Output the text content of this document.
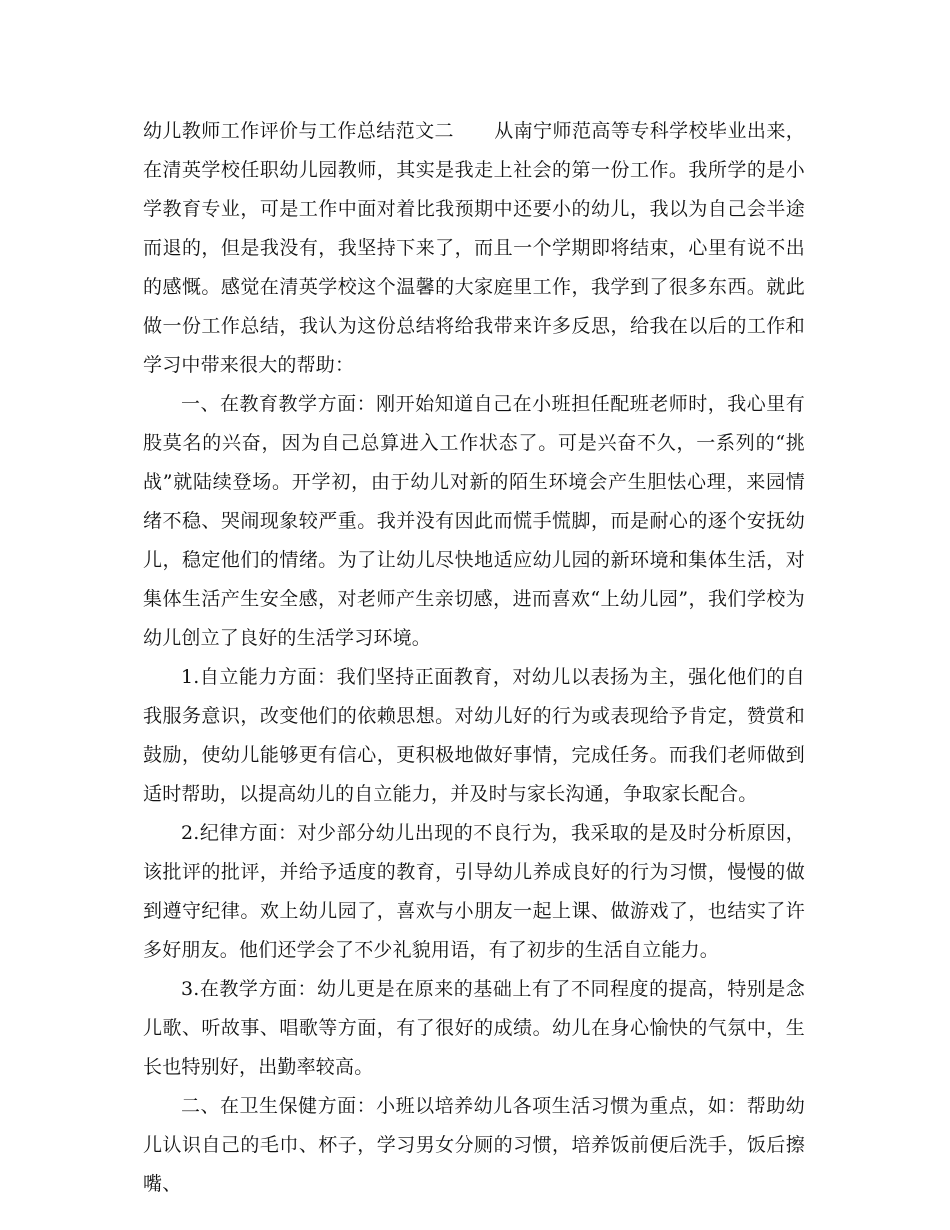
幼儿教师工作评价与工作总结范文二 从南宁师范高等专科学校毕业出来，在清英学校任职幼儿园教师，其实是我走上社会的第一份工作。我所学的是小学教育专业，可是工作中面对着比我预期中还要小的幼儿，我以为自己会半途而退的，但是我没有，我坚持下来了，而且一个学期即将结束，心里有说不出的感慨。感觉在清英学校这个温馨的大家庭里工作，我学到了很多东西。就此做一份工作总结，我认为这份总结将给我带来许多反思，给我在以后的工作和学习中带来很大的帮助：

一、在教育教学方面：刚开始知道自己在小班担任配班老师时，我心里有股莫名的兴奋，因为自己总算进入工作状态了。可是兴奋不久，一系列的“挑战”就陆续登场。开学初，由于幼儿对新的陌生环境会产生胆怯心理，来园情绪不稳、哭闹现象较严重。我并没有因此而慌手慌脚，而是耐心的逐个安抚幼儿，稳定他们的情绪。为了让幼儿尽快地适应幼儿园的新环境和集体生活，对集体生活产生安全感，对老师产生亲切感，进而喜欢“上幼儿园”，我们学校为幼儿创立了良好的生活学习环境。

1.自立能力方面：我们坚持正面教育，对幼儿以表扬为主，强化他们的自我服务意识，改变他们的依赖思想。对幼儿好的行为或表现给予肯定，赞赏和鼓励，使幼儿能够更有信心，更积极地做好事情，完成任务。而我们老师做到适时帮助，以提高幼儿的自立能力，并及时与家长沟通，争取家长配合。

2.纪律方面：对少部分幼儿出现的不良行为，我采取的是及时分析原因，该批评的批评，并给予适度的教育，引导幼儿养成良好的行为习惯，慢慢的做到遵守纪律。欢上幼儿园了，喜欢与小朋友一起上课、做游戏了，也结实了许多好朋友。他们还学会了不少礼貌用语，有了初步的生活自立能力。

3.在教学方面：幼儿更是在原来的基础上有了不同程度的提高，特别是念儿歌、听故事、唱歌等方面，有了很好的成绩。幼儿在身心愉快的气氛中，生长也特别好，出勤率较高。

二、在卫生保健方面：小班以培养幼儿各项生活习惯为重点，如：帮助幼儿认识自己的毛巾、杯子，学习男女分厕的习惯，培养饭前便后洗手，饭后擦嘴、
